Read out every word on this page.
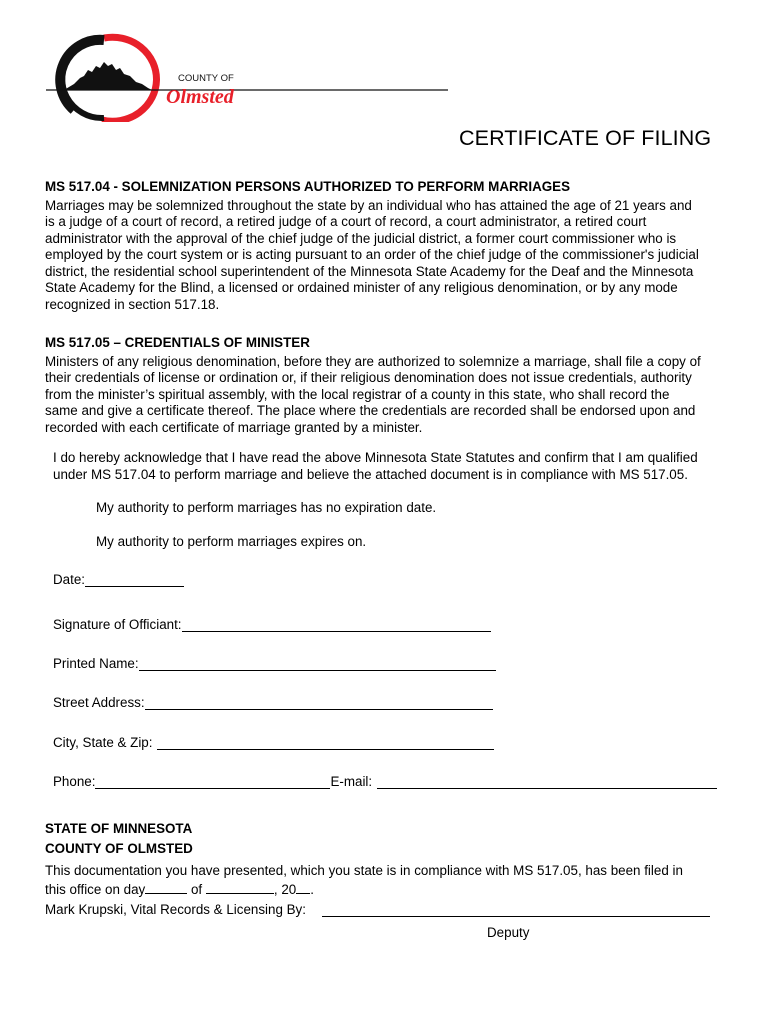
COUNTY OF
Olmsted
CERTIFICATE OF FILING
MS 517.04 - SOLEMNIZATION PERSONS AUTHORIZED TO PERFORM MARRIAGES
Marriages may be solemnized throughout the state by an individual who has attained the age of 21 years and
is a judge of a court of record, a retired judge of a court of record, a court administrator, a retired court
administrator with the approval of the chief judge of the judicial district, a former court commissioner who is
employed by the court system or is acting pursuant to an order of the chief judge of the commissioner's judicial
district, the residential school superintendent of the Minnesota State Academy for the Deaf and the Minnesota
State Academy for the Blind, a licensed or ordained minister of any religious denomination, or by any mode
recognized in section 517.18.
MS 517.05 – CREDENTIALS OF MINISTER
Ministers of any religious denomination, before they are authorized to solemnize a marriage, shall file a copy of
their credentials of license or ordination or, if their religious denomination does not issue credentials, authority
from the minister’s spiritual assembly, with the local registrar of a county in this state, who shall record the
same and give a certificate thereof. The place where the credentials are recorded shall be endorsed upon and
recorded with each certificate of marriage granted by a minister.
I do hereby acknowledge that I have read the above Minnesota State Statutes and confirm that I am qualified
under MS 517.04 to perform marriage and believe the attached document is in compliance with MS 517.05.
My authority to perform marriages has no expiration date.
My authority to perform marriages expires on.
Date:
Signature of Officiant:
Printed Name:
Street Address:
City, State & Zip:
Phone:	E-mail:
STATE OF MINNESOTA
COUNTY OF OLMSTED
This documentation you have presented, which you state is in compliance with MS 517.05, has been filed in
this office on day	of	, 20 .
Mark Krupski, Vital Records & Licensing By:
Deputy
